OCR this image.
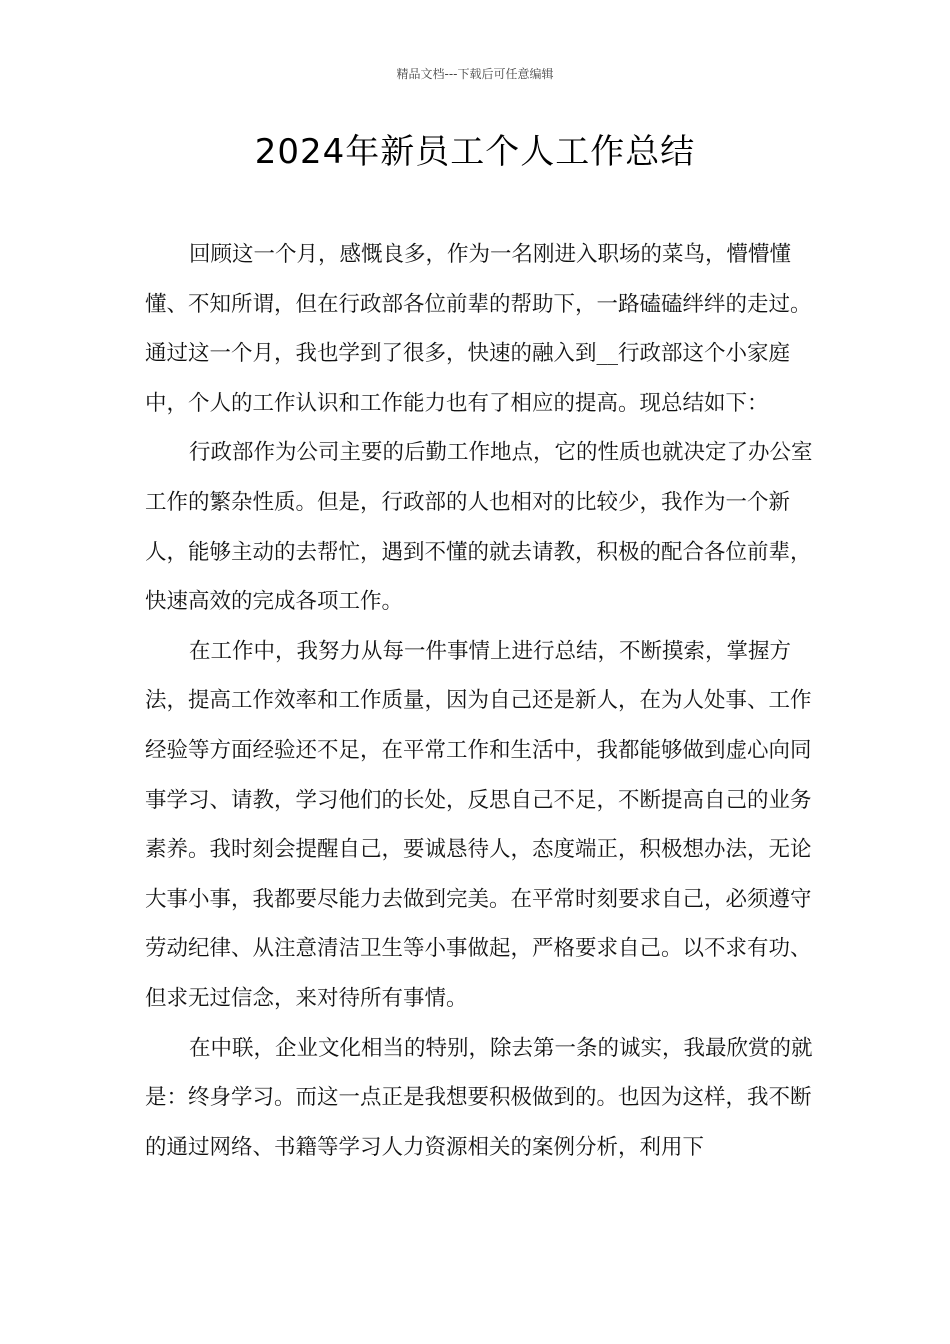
精品文档---下载后可任意编辑
2024年新员工个人工作总结

回顾这一个月，感慨良多，作为一名刚进入职场的菜鸟，懵懵懂懂、不知所谓，但在行政部各位前辈的帮助下，一路磕磕绊绊的走过。通过这一个月，我也学到了很多，快速的融入到__行政部这个小家庭中，个人的工作认识和工作能力也有了相应的提高。现总结如下：

行政部作为公司主要的后勤工作地点，它的性质也就决定了办公室工作的繁杂性质。但是，行政部的人也相对的比较少，我作为一个新人，能够主动的去帮忙，遇到不懂的就去请教，积极的配合各位前辈，快速高效的完成各项工作。

在工作中，我努力从每一件事情上进行总结，不断摸索，掌握方法，提高工作效率和工作质量，因为自己还是新人，在为人处事、工作经验等方面经验还不足，在平常工作和生活中，我都能够做到虚心向同事学习、请教，学习他们的长处，反思自己不足，不断提高自己的业务素养。我时刻会提醒自己，要诚恳待人，态度端正，积极想办法，无论大事小事，我都要尽能力去做到完美。在平常时刻要求自己，必须遵守劳动纪律、从注意清洁卫生等小事做起，严格要求自己。以不求有功、但求无过信念，来对待所有事情。

在中联，企业文化相当的特别，除去第一条的诚实，我最欣赏的就是：终身学习。而这一点正是我想要积极做到的。也因为这样，我不断的通过网络、书籍等学习人力资源相关的案例分析，利用下
